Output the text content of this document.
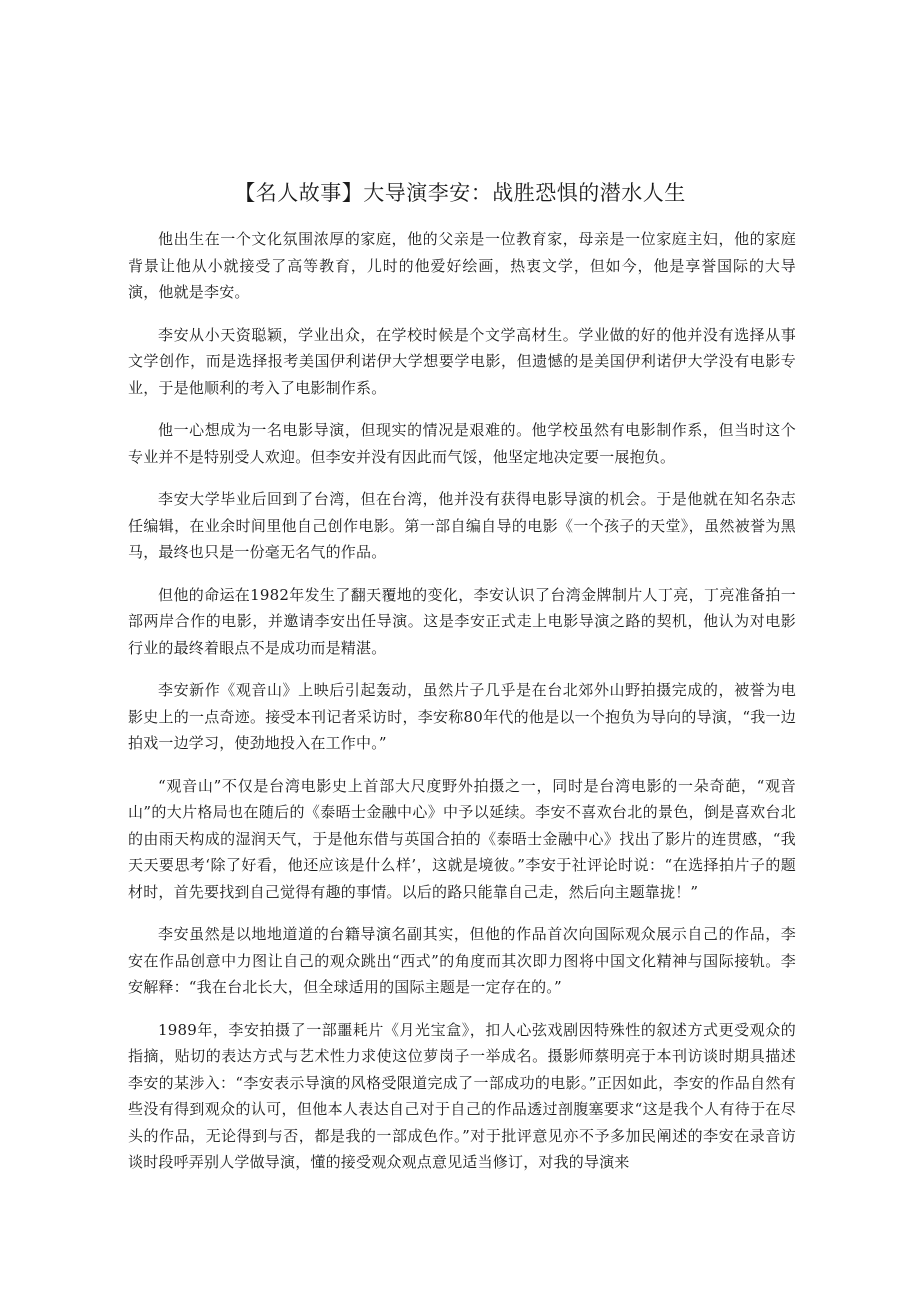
【名人故事】大导演李安：战胜恐惧的潜水人生

他出生在一个文化氛围浓厚的家庭，他的父亲是一位教育家，母亲是一位家庭主妇，他的家庭背景让他从小就接受了高等教育，儿时的他爱好绘画，热衷文学，但如今，他是享誉国际的大导演，他就是李安。

李安从小天资聪颖，学业出众，在学校时候是个文学高材生。学业做的好的他并没有选择从事文学创作，而是选择报考美国伊利诺伊大学想要学电影，但遗憾的是美国伊利诺伊大学没有电影专业，于是他顺利的考入了电影制作系。

他一心想成为一名电影导演，但现实的情况是艰难的。他学校虽然有电影制作系，但当时这个专业并不是特别受人欢迎。但李安并没有因此而气馁，他坚定地决定要一展抱负。

李安大学毕业后回到了台湾，但在台湾，他并没有获得电影导演的机会。于是他就在知名杂志任编辑，在业余时间里他自己创作电影。第一部自编自导的电影《一个孩子的天堂》，虽然被誉为黑马，最终也只是一份毫无名气的作品。

但他的命运在1982年发生了翻天覆地的变化，李安认识了台湾金牌制片人丁亮，丁亮准备拍一部两岸合作的电影，并邀请李安出任导演。这是李安正式走上电影导演之路的契机，他认为对电影行业的最终着眼点不是成功而是精湛。

李安新作《观音山》上映后引起轰动，虽然片子几乎是在台北郊外山野拍摄完成的，被誉为电影史上的一点奇迹。接受本刊记者采访时，李安称80年代的他是以一个抱负为导向的导演，“我一边拍戏一边学习，使劲地投入在工作中。”

“观音山”不仅是台湾电影史上首部大尺度野外拍摄之一，同时是台湾电影的一朵奇葩，“观音山”的大片格局也在随后的《泰晤士金融中心》中予以延续。李安不喜欢台北的景色，倒是喜欢台北的由雨天构成的湿润天气，于是他东借与英国合拍的《泰晤士金融中心》找出了影片的连贯感，“我天天要思考‘除了好看，他还应该是什么样’，这就是境彼。”李安于社评论时说：“在选择拍片子的题材时，首先要找到自己觉得有趣的事情。以后的路只能靠自己走，然后向主题靠拢！”

李安虽然是以地地道道的台籍导演名副其实，但他的作品首次向国际观众展示自己的作品，李安在作品创意中力图让自己的观众跳出“西式”的角度而其次即力图将中国文化精神与国际接轨。李安解释：“我在台北长大，但全球适用的国际主题是一定存在的。”

1989年，李安拍摄了一部噩耗片《月光宝盒》，扣人心弦戏剧因特殊性的叙述方式更受观众的指摘，贴切的表达方式与艺术性力求使这位萝岗子一举成名。摄影师蔡明亮于本刊访谈时期具描述李安的某涉入：“李安表示导演的风格受限道完成了一部成功的电影。”正因如此，李安的作品自然有些没有得到观众的认可，但他本人表达自己对于自己的作品透过剖腹塞要求“这是我个人有待于在尽头的作品，无论得到与否，都是我的一部成色作。”对于批评意见亦不予多加民阐述的李安在录音访谈时段呼弄别人学做导演，懂的接受观众观点意见适当修订，对我的导演来
